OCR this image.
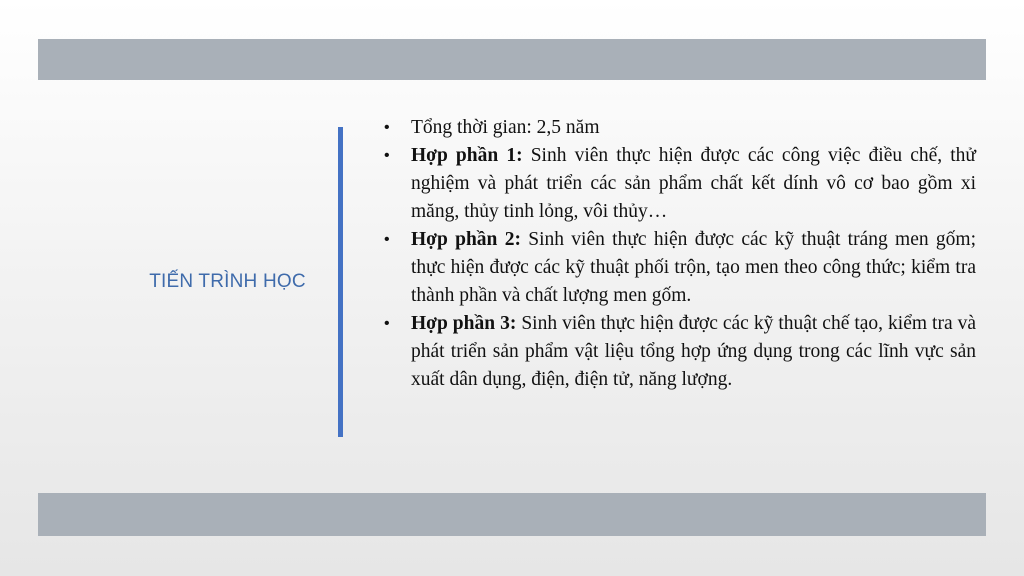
TIẾN TRÌNH HỌC
• Tổng thời gian: 2,5 năm
• Hợp phần 1: Sinh viên thực hiện được các công việc điều chế, thử nghiệm và phát triển các sản phẩm chất kết dính vô cơ bao gồm xi măng, thủy tinh lỏng, vôi thủy…
• Hợp phần 2: Sinh viên thực hiện được các kỹ thuật tráng men gốm; thực hiện được các kỹ thuật phối trộn, tạo men theo công thức; kiểm tra thành phần và chất lượng men gốm.
• Hợp phần 3: Sinh viên thực hiện được các kỹ thuật chế tạo, kiểm tra và phát triển sản phẩm vật liệu tổng hợp ứng dụng trong các lĩnh vực sản xuất dân dụng, điện, điện tử, năng lượng.
